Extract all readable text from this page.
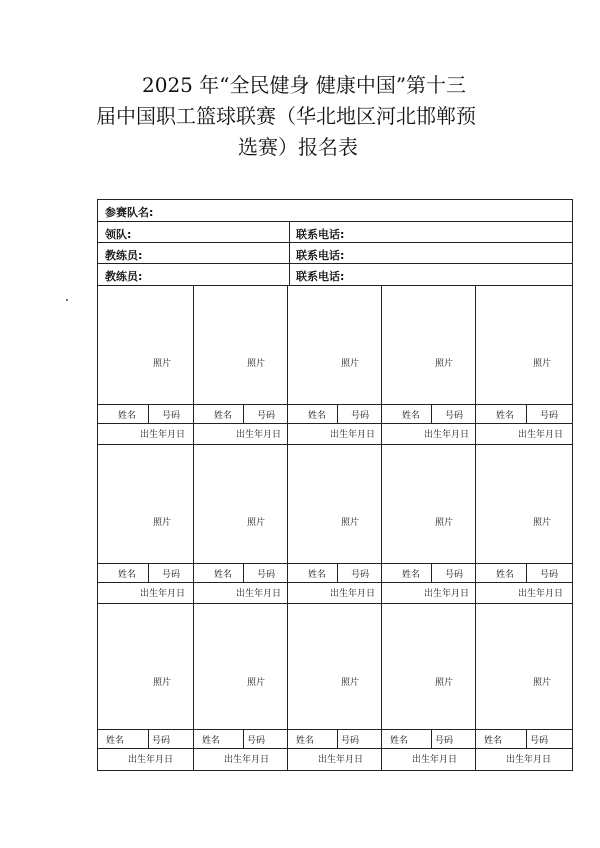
2025 年“全民健身 健康中国”第十三
届中国职工篮球联赛（华北地区河北邯郸预
选赛）报名表
参赛队名:
领队:	联系电话:
教练员:	联系电话:
教练员:	联系电话:
照片
姓名	号码
出生年月日
照片
姓名	号码
出生年月日
照片
姓名	号码
出生年月日
照片
姓名	号码
出生年月日
照片
姓名	号码
出生年月日
照片
姓名	号码
出生年月日
照片
姓名	号码
出生年月日
照片
姓名	号码
出生年月日
照片
姓名	号码
出生年月日
照片
姓名	号码
出生年月日
照片
姓名	号码
出生年月日
照片
姓名	号码
出生年月日
照片
姓名	号码
出生年月日
照片
姓名	号码
出生年月日
照片
姓名	号码
出生年月日
